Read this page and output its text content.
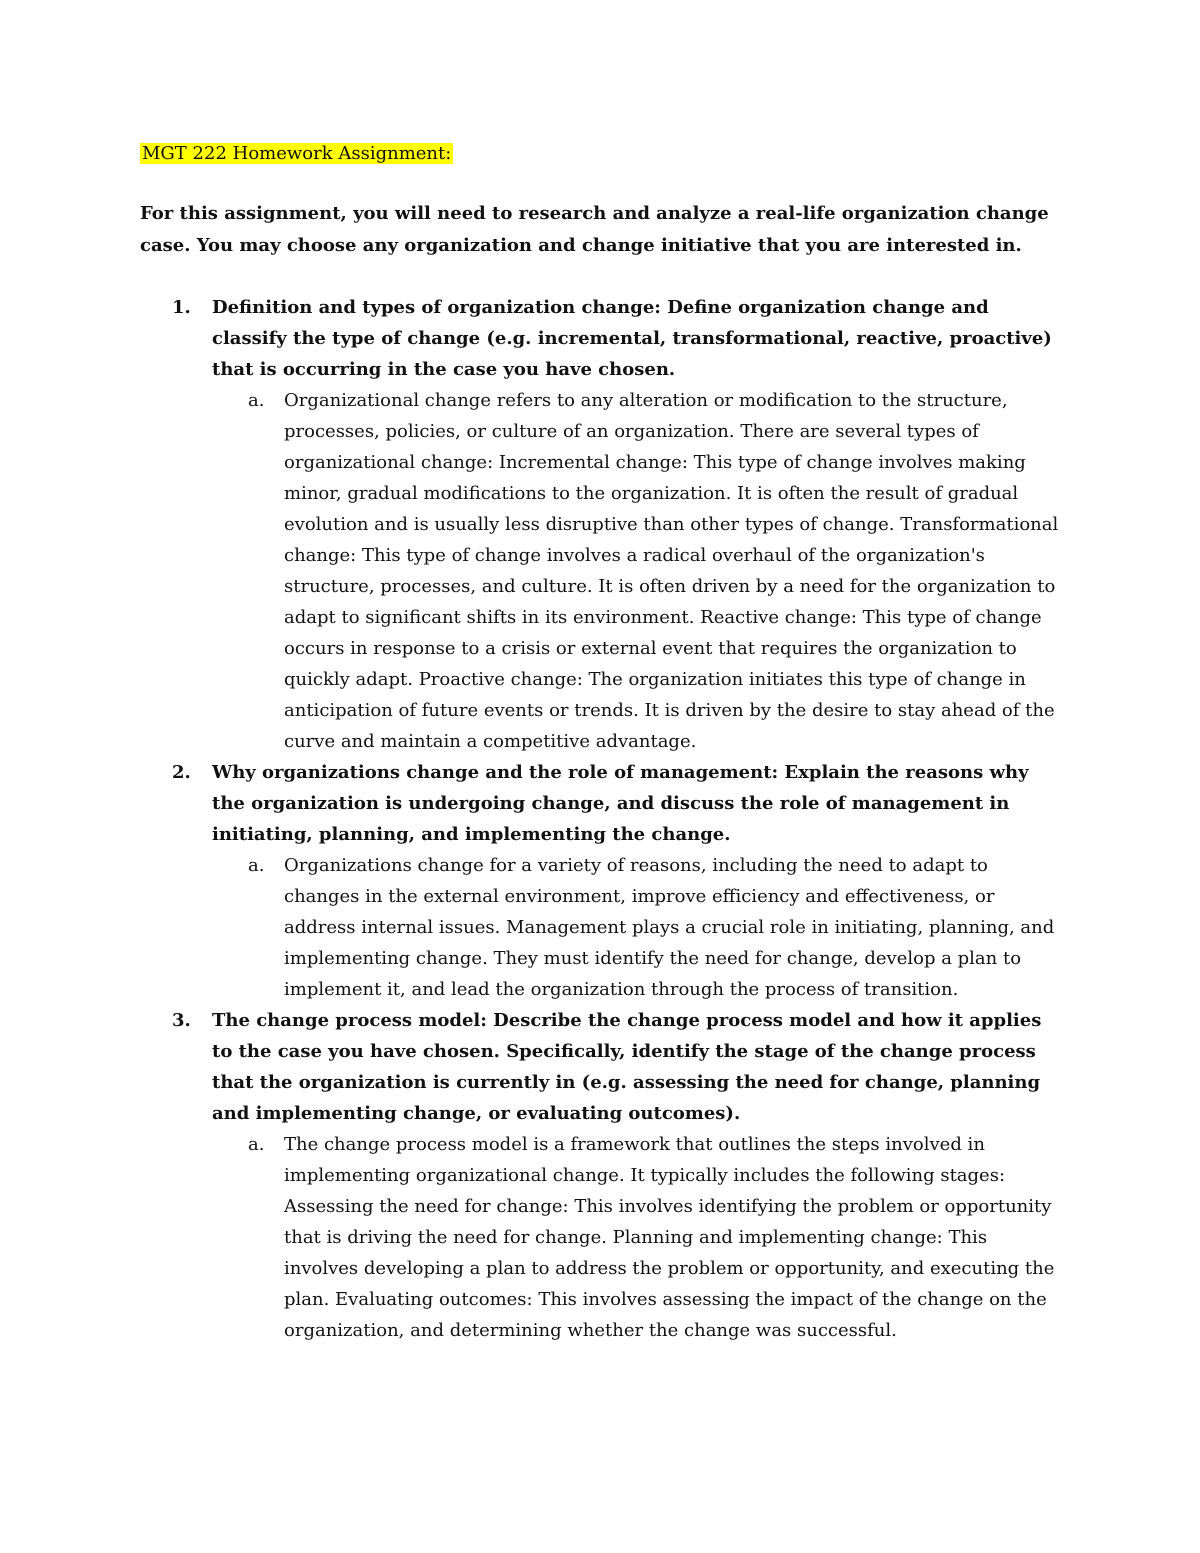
MGT 222 Homework Assignment:

For this assignment, you will need to research and analyze a real-life organization change case. You may choose any organization and change initiative that you are interested in.

1. Definition and types of organization change: Define organization change and classify the type of change (e.g. incremental, transformational, reactive, proactive) that is occurring in the case you have chosen.

a. Organizational change refers to any alteration or modification to the structure, processes, policies, or culture of an organization. There are several types of organizational change: Incremental change: This type of change involves making minor, gradual modifications to the organization. It is often the result of gradual evolution and is usually less disruptive than other types of change. Transformational change: This type of change involves a radical overhaul of the organization's structure, processes, and culture. It is often driven by a need for the organization to adapt to significant shifts in its environment. Reactive change: This type of change occurs in response to a crisis or external event that requires the organization to quickly adapt. Proactive change: The organization initiates this type of change in anticipation of future events or trends. It is driven by the desire to stay ahead of the curve and maintain a competitive advantage.

2. Why organizations change and the role of management: Explain the reasons why the organization is undergoing change, and discuss the role of management in initiating, planning, and implementing the change.

a. Organizations change for a variety of reasons, including the need to adapt to changes in the external environment, improve efficiency and effectiveness, or address internal issues. Management plays a crucial role in initiating, planning, and implementing change. They must identify the need for change, develop a plan to implement it, and lead the organization through the process of transition.

3. The change process model: Describe the change process model and how it applies to the case you have chosen. Specifically, identify the stage of the change process that the organization is currently in (e.g. assessing the need for change, planning and implementing change, or evaluating outcomes).

a. The change process model is a framework that outlines the steps involved in implementing organizational change. It typically includes the following stages: Assessing the need for change: This involves identifying the problem or opportunity that is driving the need for change. Planning and implementing change: This involves developing a plan to address the problem or opportunity, and executing the plan. Evaluating outcomes: This involves assessing the impact of the change on the organization, and determining whether the change was successful.
